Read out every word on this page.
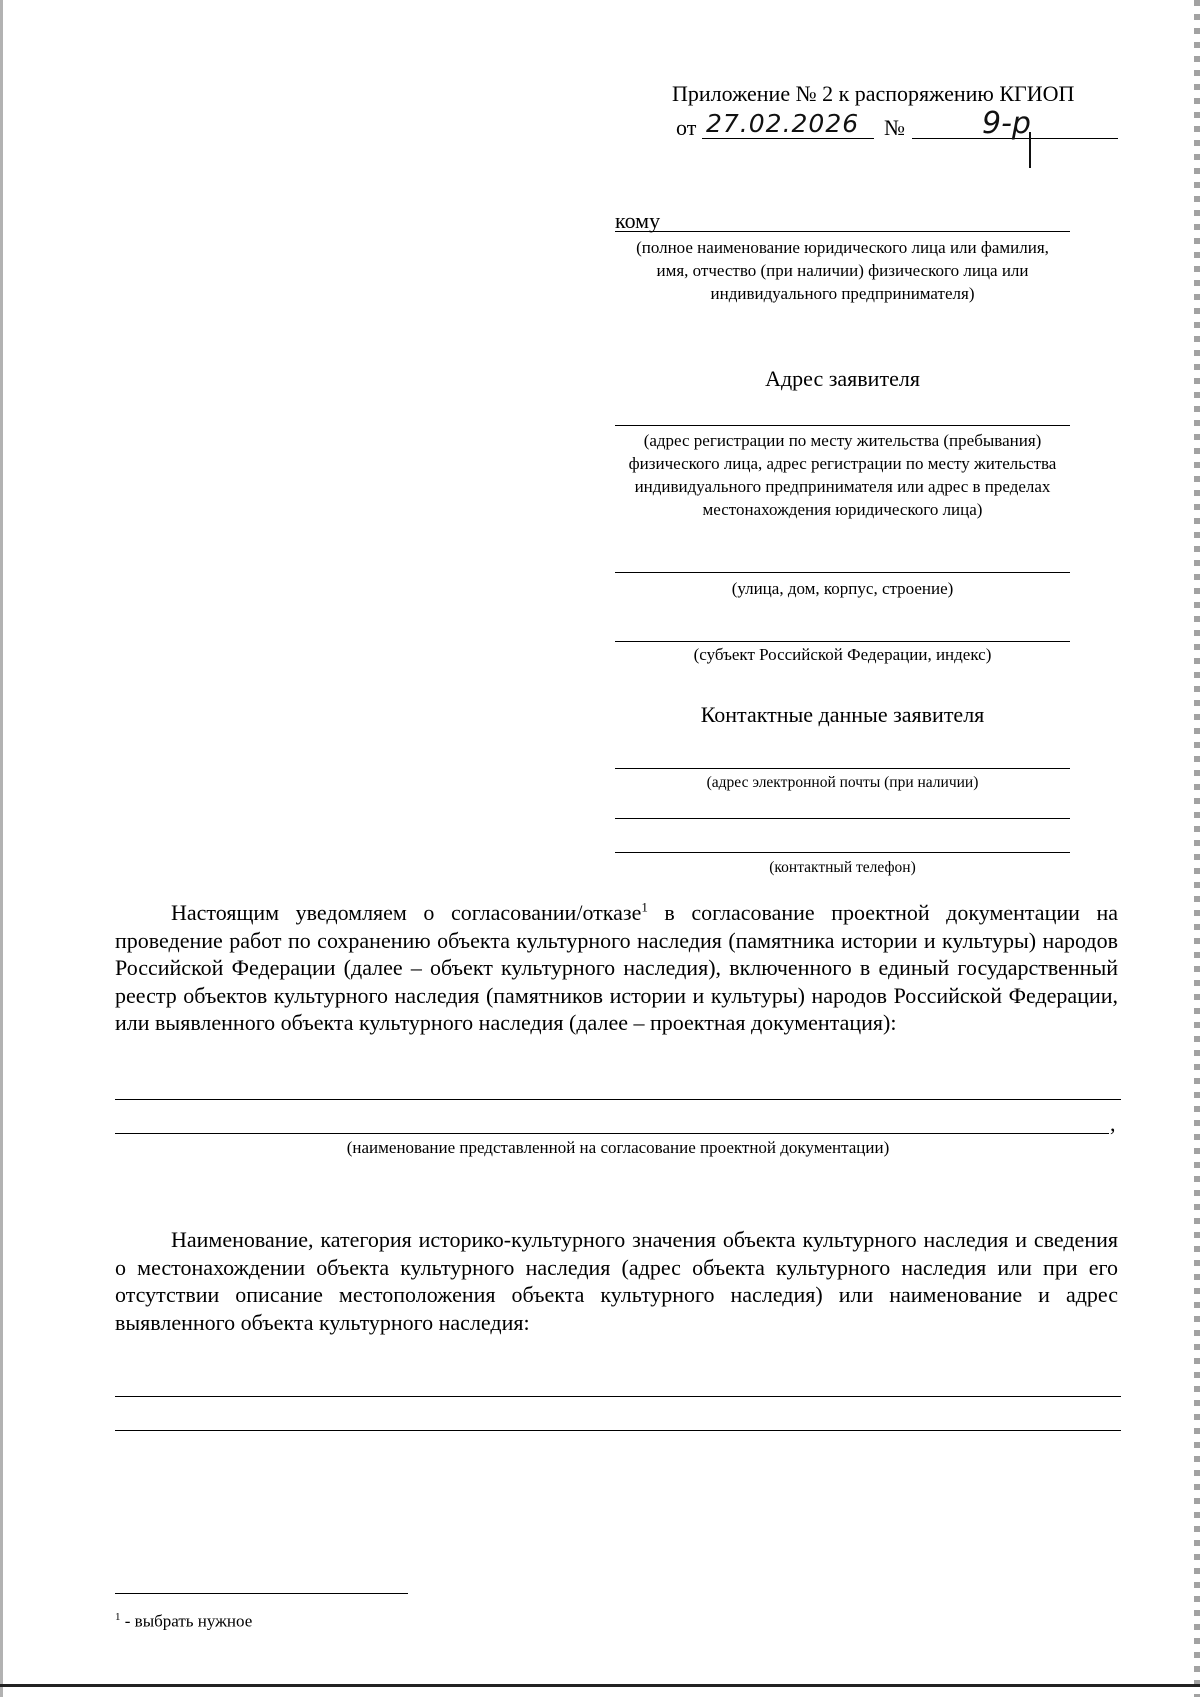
Приложение № 2 к распоряжению КГИОП
от 27.02.2026 №	9-р
кому
(полное наименование юридического лица или фамилия, имя, отчество (при наличии) физического лица или индивидуального предпринимателя)
Адрес заявителя
(адрес регистрации по месту жительства (пребывания) физического лица, адрес регистрации по месту жительства индивидуального предпринимателя или адрес в пределах местонахождения юридического лица)
(улица, дом, корпус, строение)
(субъект Российской Федерации, индекс)
Контактные данные заявителя
(адрес электронной почты (при наличии)
(контактный телефон)
Настоящим уведомляем о согласовании/отказе$^1$ в согласование проектной документации на проведение работ по сохранению объекта культурного наследия (памятника истории и культуры) народов Российской Федерации (далее – объект культурного наследия), включенного в единый государственный реестр объектов культурного наследия (памятников истории и культуры) народов Российской Федерации, или выявленного объекта культурного наследия (далее – проектная документация):
,
(наименование представленной на согласование проектной документации)
Наименование, категория историко-культурного значения объекта культурного наследия и сведения о местонахождении объекта культурного наследия (адрес объекта культурного наследия или при его отсутствии описание местоположения объекта культурного наследия) или наименование и адрес выявленного объекта культурного наследия:
$^1$ - выбрать нужное
